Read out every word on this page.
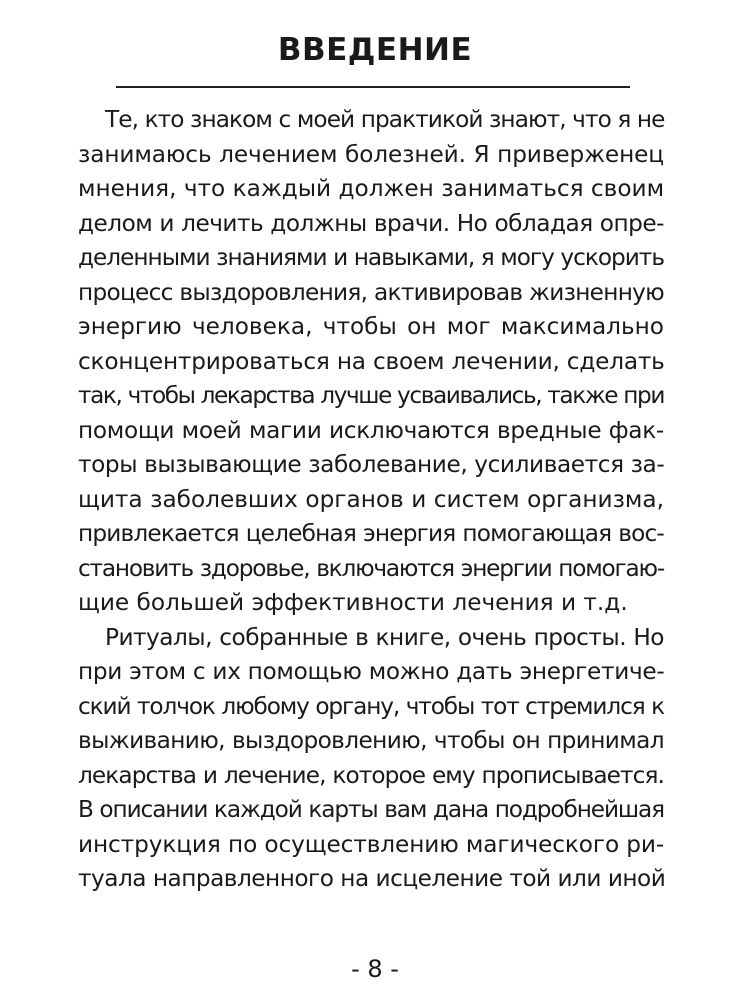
ВВЕДЕНИЕ
Те, кто знаком с моей практикой знают, что я не
занимаюсь лечением болезней. Я приверженец
мнения, что каждый должен заниматься своим
делом и лечить должны врачи. Но обладая опре-
деленными знаниями и навыками, я могу ускорить
процесс выздоровления, активировав жизненную
энергию человека, чтобы он мог максимально
сконцентрироваться на своем лечении, сделать
так, чтобы лекарства лучше усваивались, также при
помощи моей магии исключаются вредные фак-
торы вызывающие заболевание, усиливается за-
щита заболевших органов и систем организма,
привлекается целебная энергия помогающая вос-
становить здоровье, включаются энергии помогаю-
щие большей эффективности лечения и т.д.
Ритуалы, собранные в книге, очень просты. Но
при этом с их помощью можно дать энергетиче-
ский толчок любому органу, чтобы тот стремился к
выживанию, выздоровлению, чтобы он принимал
лекарства и лечение, которое ему прописывается.
В описании каждой карты вам дана подробнейшая
инструкция по осуществлению магического ри-
туала направленного на исцеление той или иной
- 8 -
